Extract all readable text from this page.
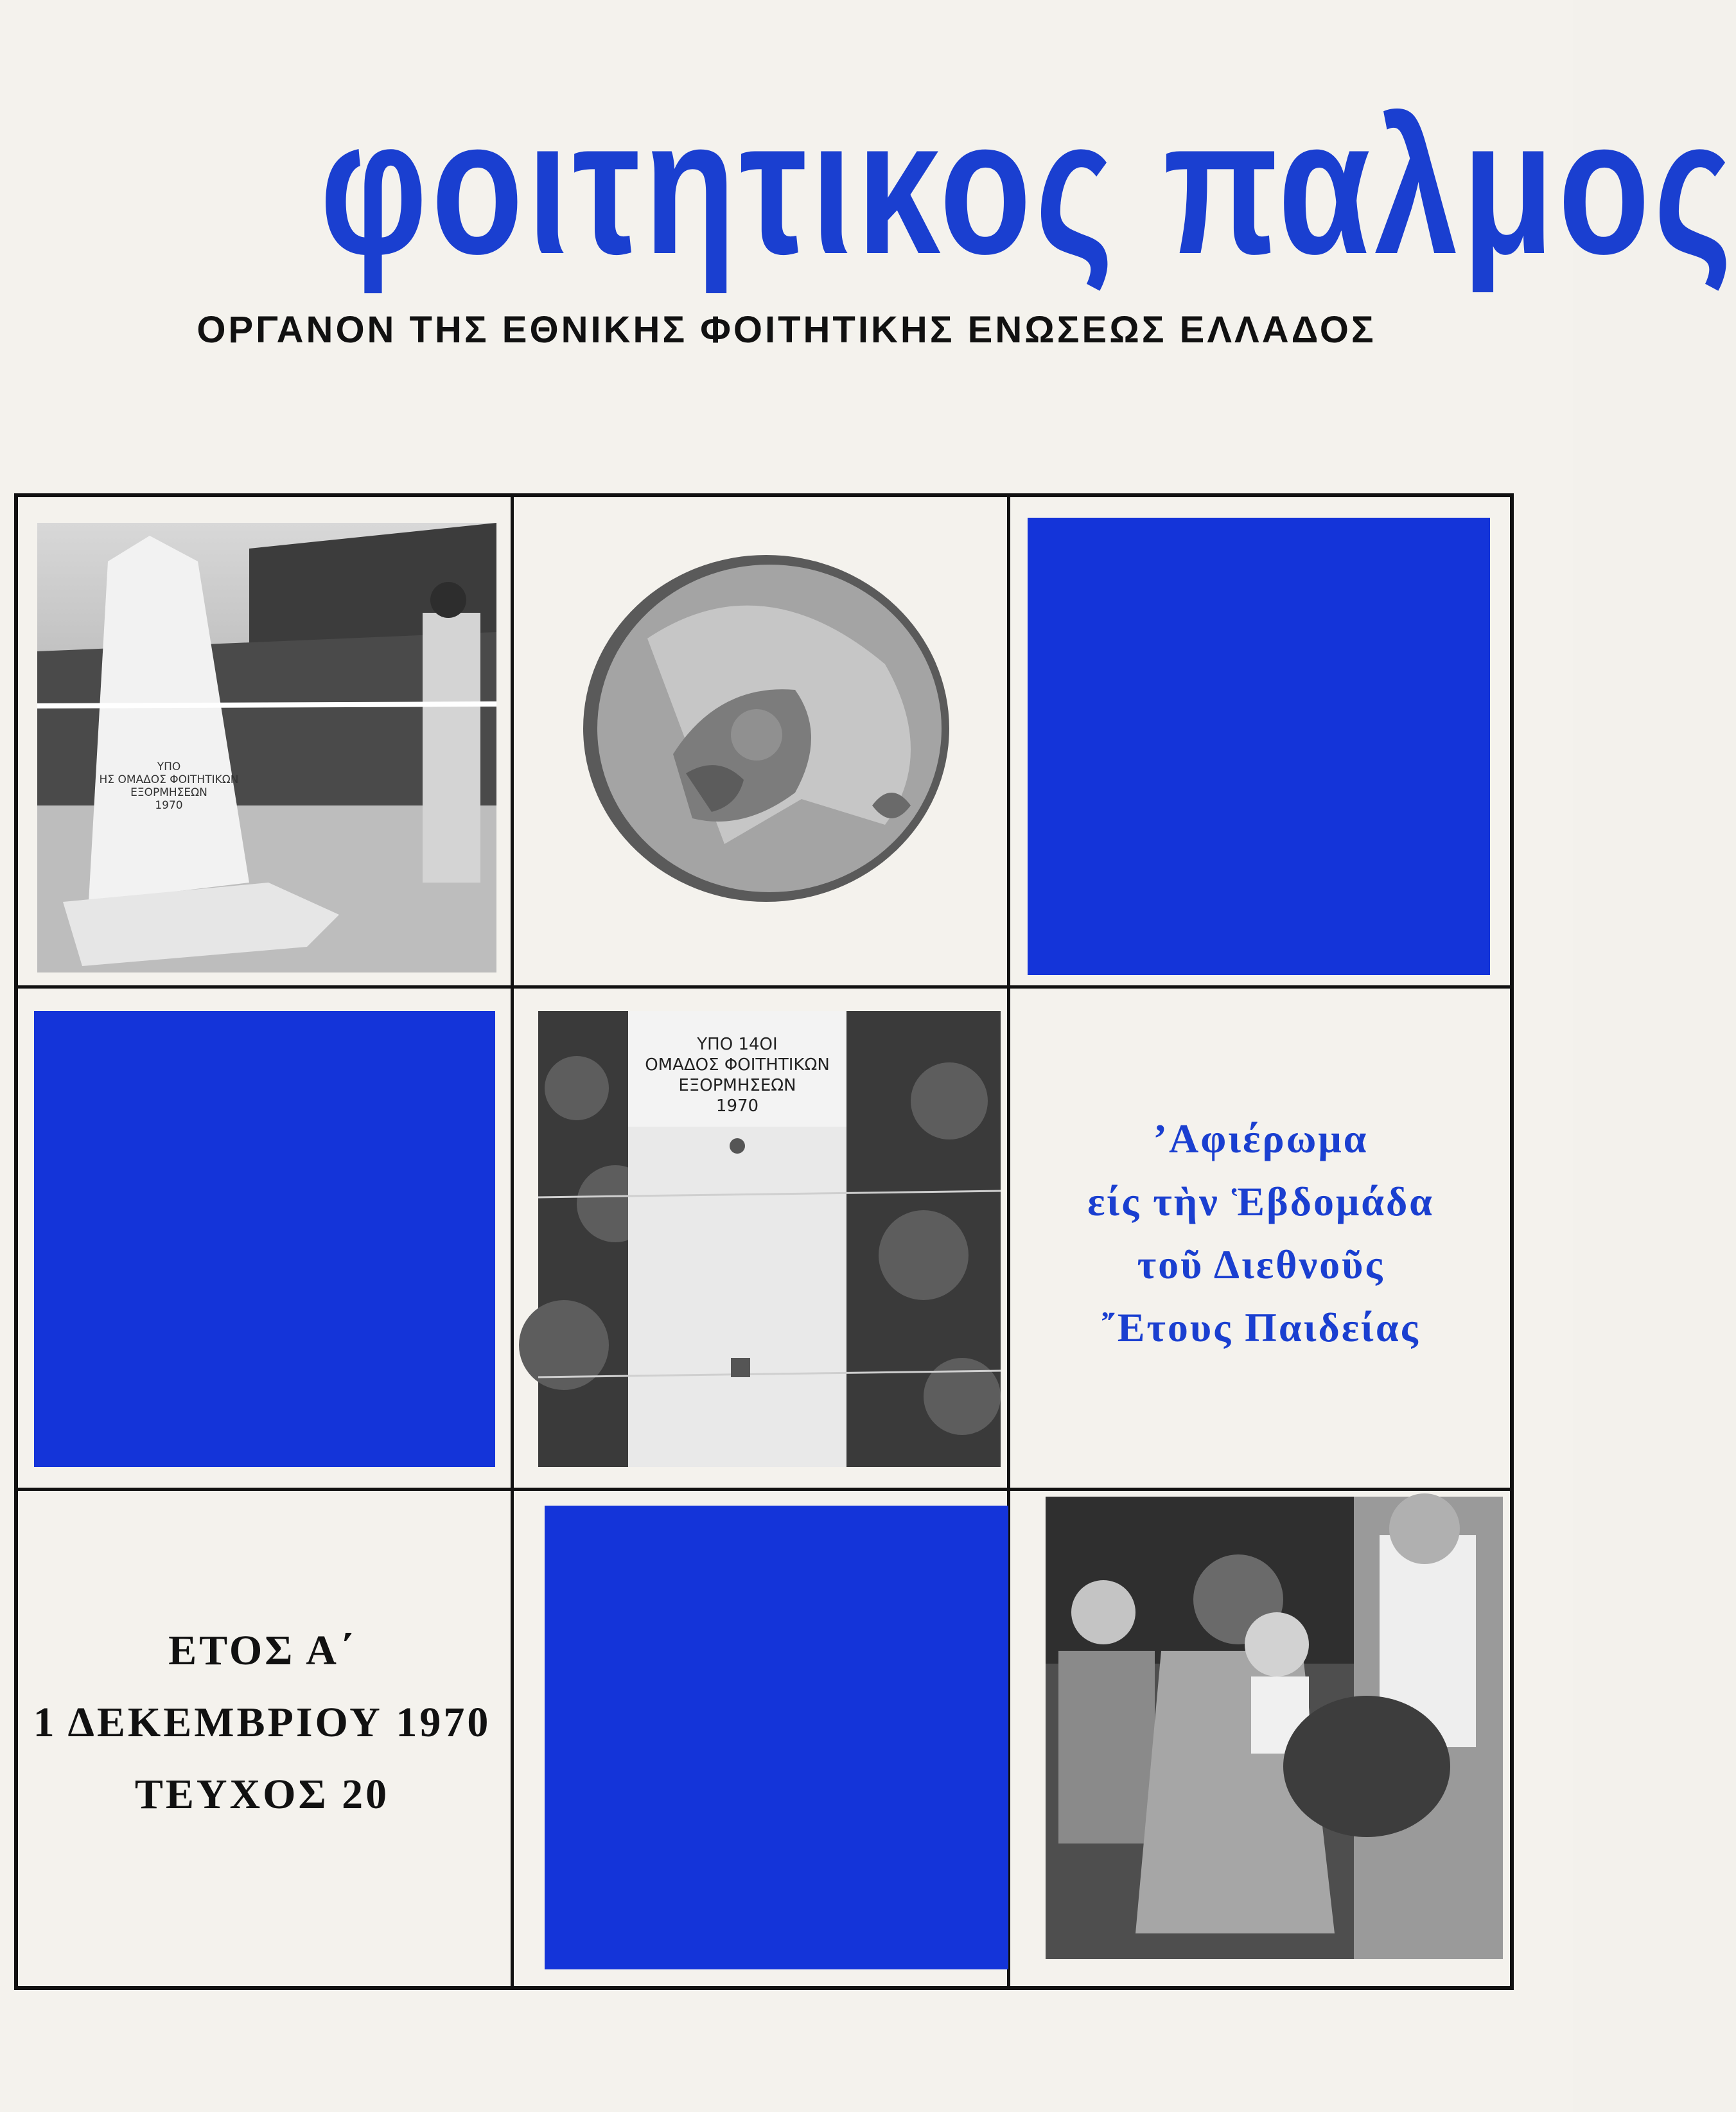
φοιτητικος παλμος
ΟΡΓΑΝΟΝ ΤΗΣ ΕΘΝΙΚΗΣ ΦΟΙΤΗΤΙΚΗΣ ΕΝΩΣΕΩΣ ΕΛΛΑΔΟΣ
ΥΠΟ
ΗΣ ΟΜΑΔΟΣ ΦΟΙΤΗΤΙΚΩΝ
ΕΞΟΡΜΗΣΕΩΝ
1970
ΥΠΟ 14ΟΙ
ΟΜΑΔΟΣ ΦΟΙΤΗΤΙΚΩΝ
ΕΞΟΡΜΗΣΕΩΝ
1970
’Αφιέρωμα
είς τὴν Ἑβδομάδα
τοῦ Διεθνοῦς
῎Ετους Παιδείας
ΕΤΟΣ Α΄
1 ΔΕΚΕΜΒΡΙΟΥ 1970
ΤΕΥΧΟΣ 20
